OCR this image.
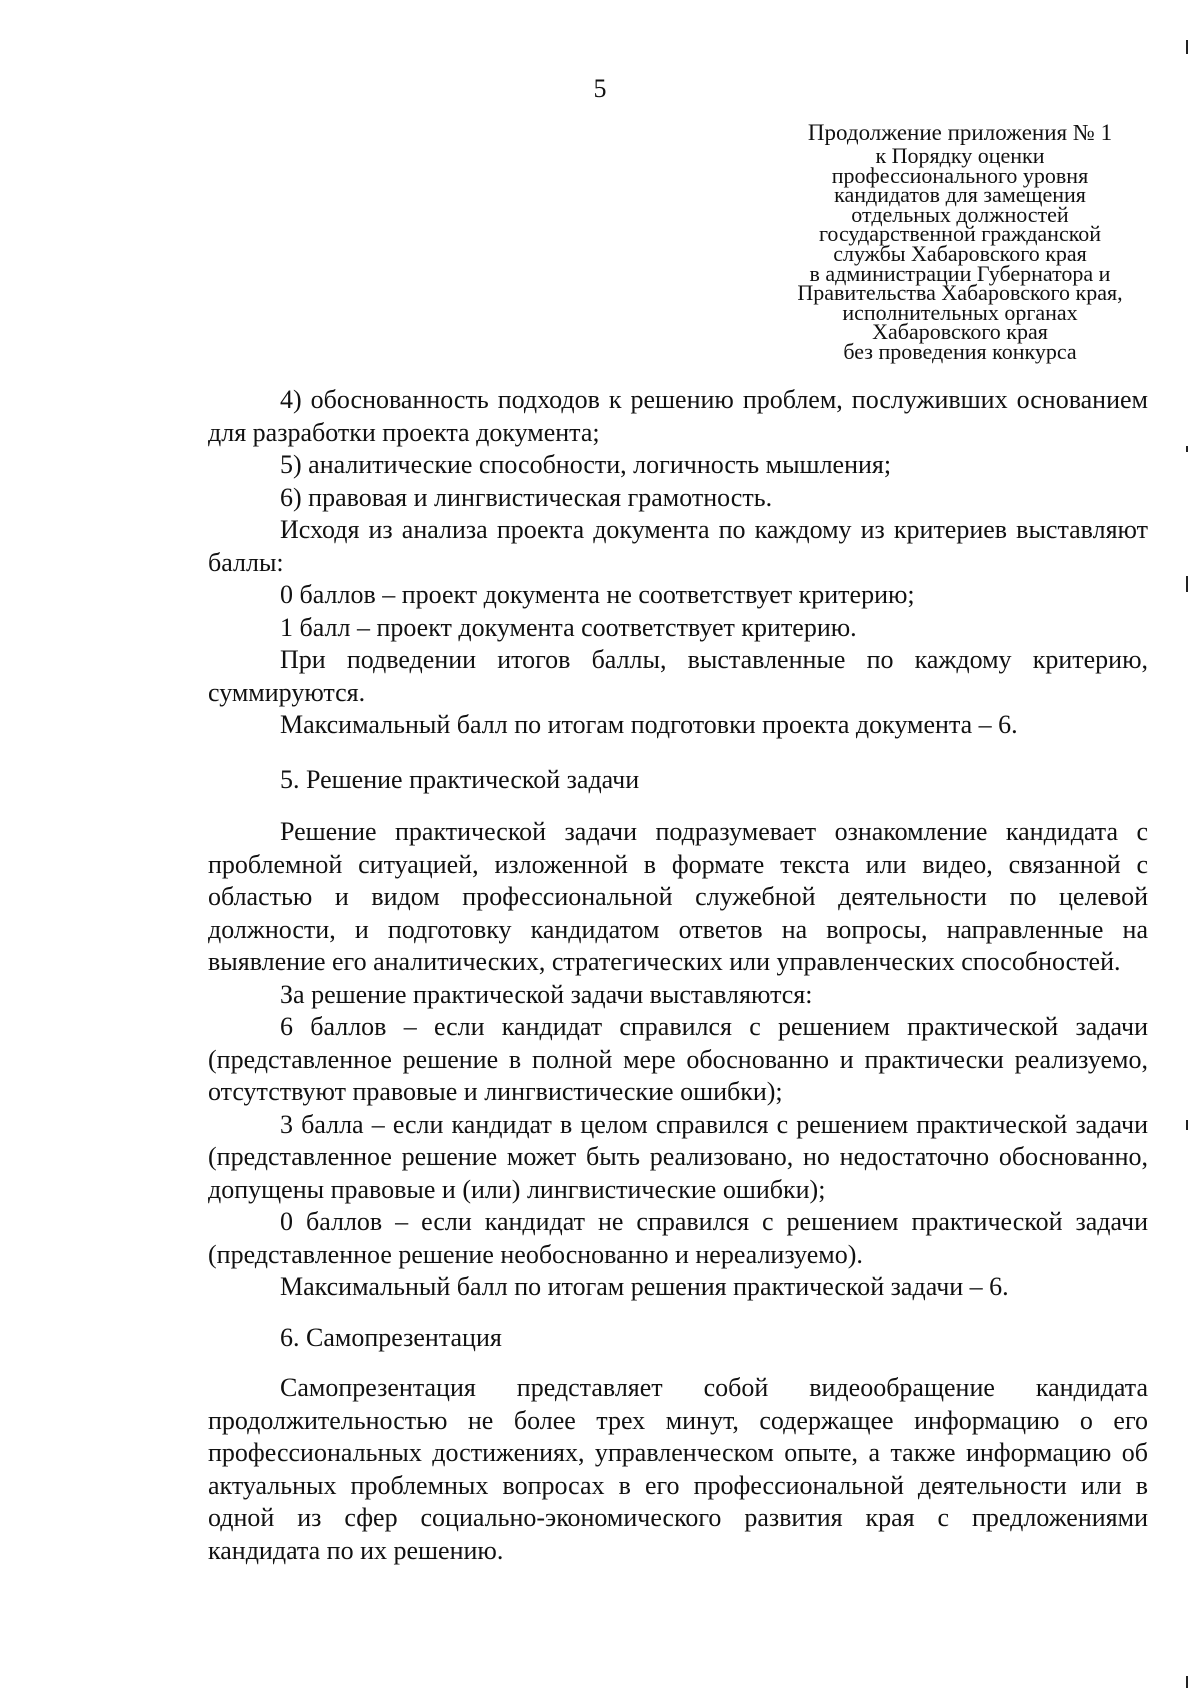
5
Продолжение приложения № 1
к Порядку оценки
профессионального уровня
кандидатов для замещения
отдельных должностей
государственной гражданской
службы Хабаровского края
в администрации Губернатора и
Правительства Хабаровского края,
исполнительных органах
Хабаровского края
без проведения конкурса

4) обоснованность подходов к решению проблем, послуживших основанием для разработки проекта документа;

5) аналитические способности, логичность мышления;

6) правовая и лингвистическая грамотность.

Исходя из анализа проекта документа по каждому из критериев выставляют баллы:

0 баллов – проект документа не соответствует критерию;

1 балл – проект документа соответствует критерию.

При подведении итогов баллы, выставленные по каждому критерию, суммируются.

Максимальный балл по итогам подготовки проекта документа – 6.

5. Решение практической задачи

Решение практической задачи подразумевает ознакомление кандидата с проблемной ситуацией, изложенной в формате текста или видео, связанной с областью и видом профессиональной служебной деятельности по целевой должности, и подготовку кандидатом ответов на вопросы, направленные на выявление его аналитических, стратегических или управленческих способностей.

За решение практической задачи выставляются:

6 баллов – если кандидат справился с решением практической задачи (представленное решение в полной мере обоснованно и практически реализуемо, отсутствуют правовые и лингвистические ошибки);

3 балла – если кандидат в целом справился с решением практической задачи (представленное решение может быть реализовано, но недостаточно обоснованно, допущены правовые и (или) лингвистические ошибки);

0 баллов – если кандидат не справился с решением практической задачи (представленное решение необоснованно и нереализуемо).

Максимальный балл по итогам решения практической задачи – 6.

6. Самопрезентация

Самопрезентация представляет собой видеообращение кандидата продолжительностью не более трех минут, содержащее информацию о его профессиональных достижениях, управленческом опыте, а также информацию об актуальных проблемных вопросах в его профессиональной деятельности или в одной из сфер социально-экономического развития края с предложениями кандидата по их решению.
